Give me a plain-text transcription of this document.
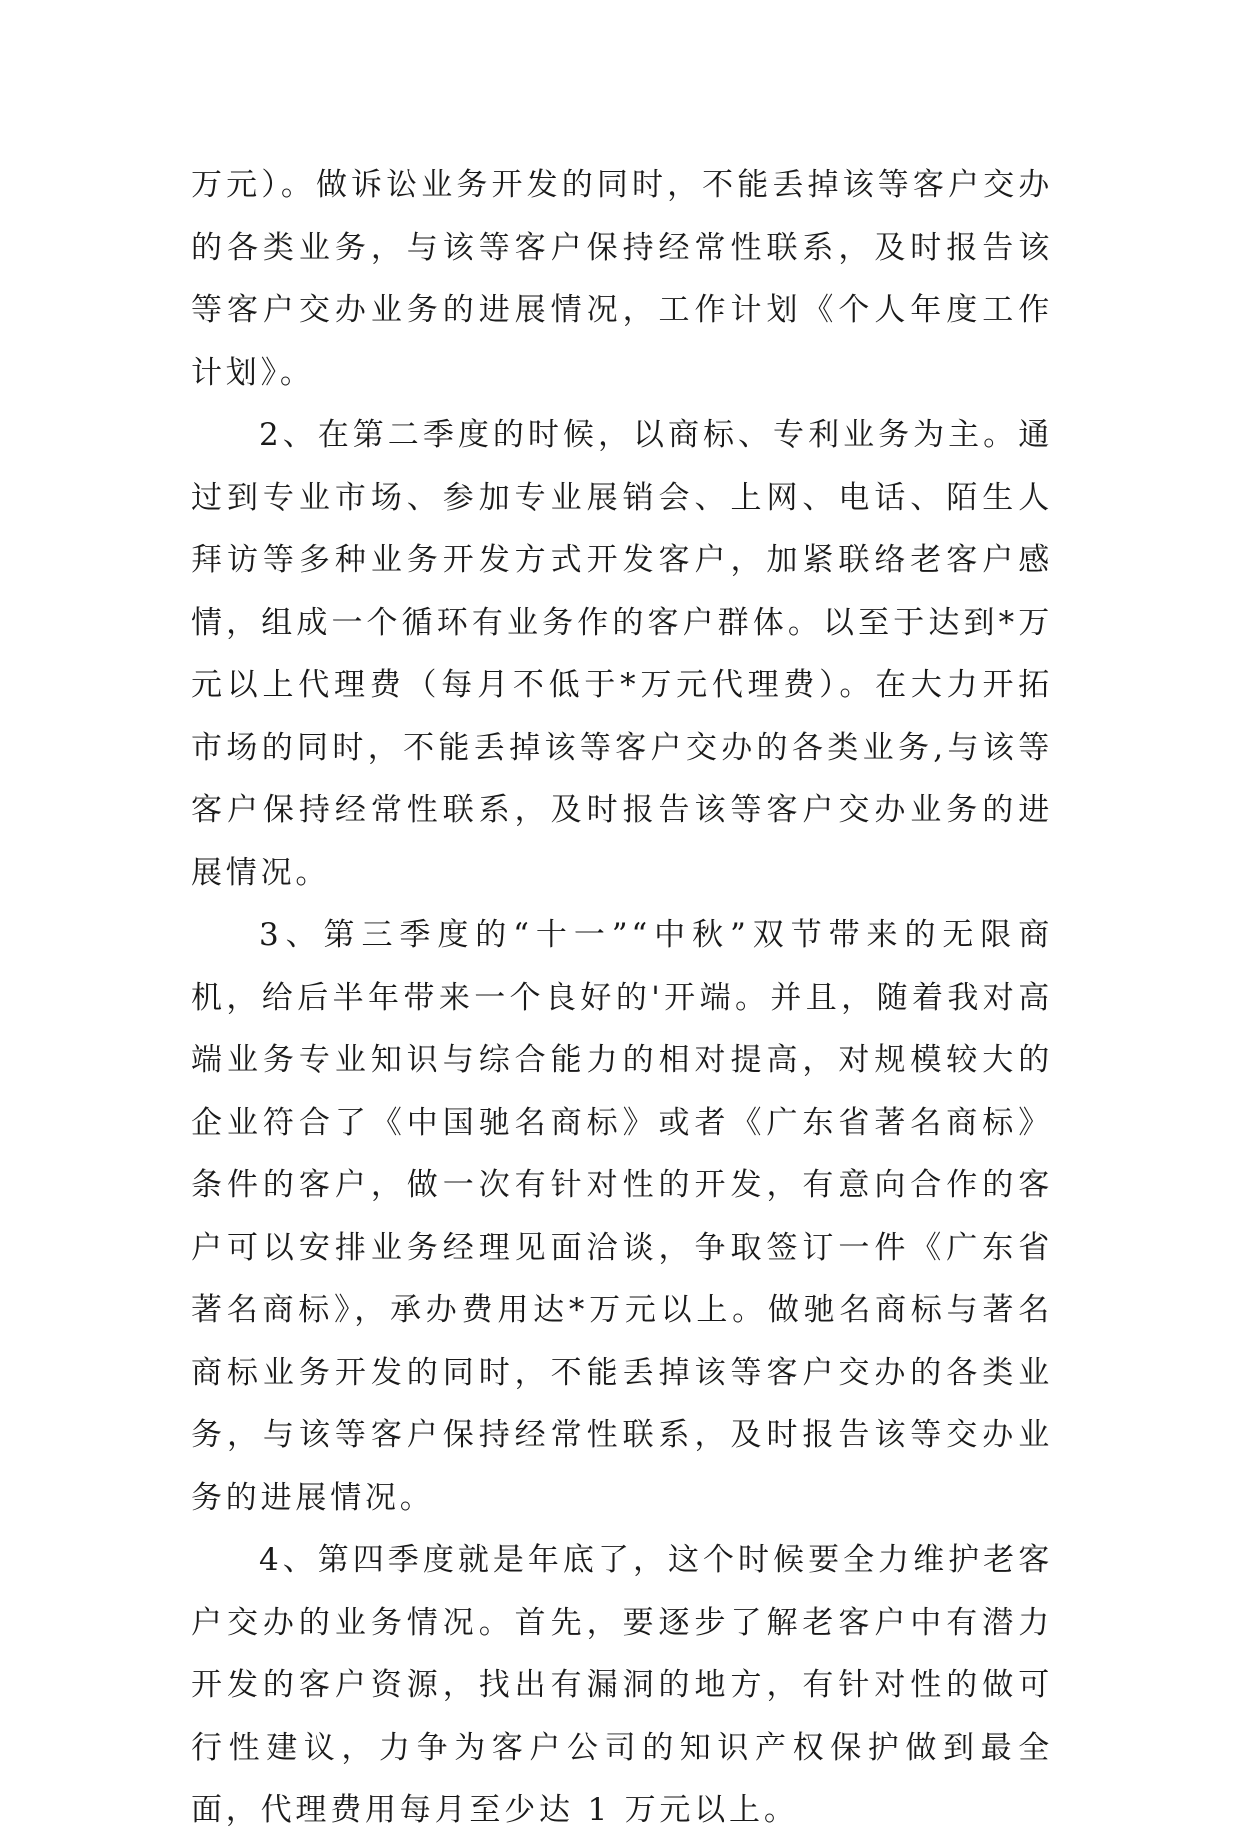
万元）。做诉讼业务开发的同时，不能丢掉该等客户交办的各类业务，与该等客户保持经常性联系，及时报告该等客户交办业务的进展情况，工作计划《个人年度工作计划》。

2、在第二季度的时候，以商标、专利业务为主。通过到专业市场、参加专业展销会、上网、电话、陌生人拜访等多种业务开发方式开发客户，加紧联络老客户感情，组成一个循环有业务作的客户群体。以至于达到*万元以上代理费（每月不低于*万元代理费）。在大力开拓市场的同时，不能丢掉该等客户交办的各类业务,与该等客户保持经常性联系，及时报告该等客户交办业务的进展情况。

3、第三季度的“十一”“中秋”双节带来的无限商机，给后半年带来一个良好的'开端。并且，随着我对高端业务专业知识与综合能力的相对提高，对规模较大的企业符合了《中国驰名商标》或者《广东省著名商标》条件的客户，做一次有针对性的开发，有意向合作的客户可以安排业务经理见面洽谈，争取签订一件《广东省著名商标》，承办费用达*万元以上。做驰名商标与著名商标业务开发的同时，不能丢掉该等客户交办的各类业务，与该等客户保持经常性联系，及时报告该等交办业务的进展情况。

4、第四季度就是年底了，这个时候要全力维护老客户交办的业务情况。首先，要逐步了解老客户中有潜力开发的客户资源，找出有漏洞的地方，有针对性的做可行性建议，力争为客户公司的知识产权保护做到最全面，代理费用每月至少达 1 万元以上。
